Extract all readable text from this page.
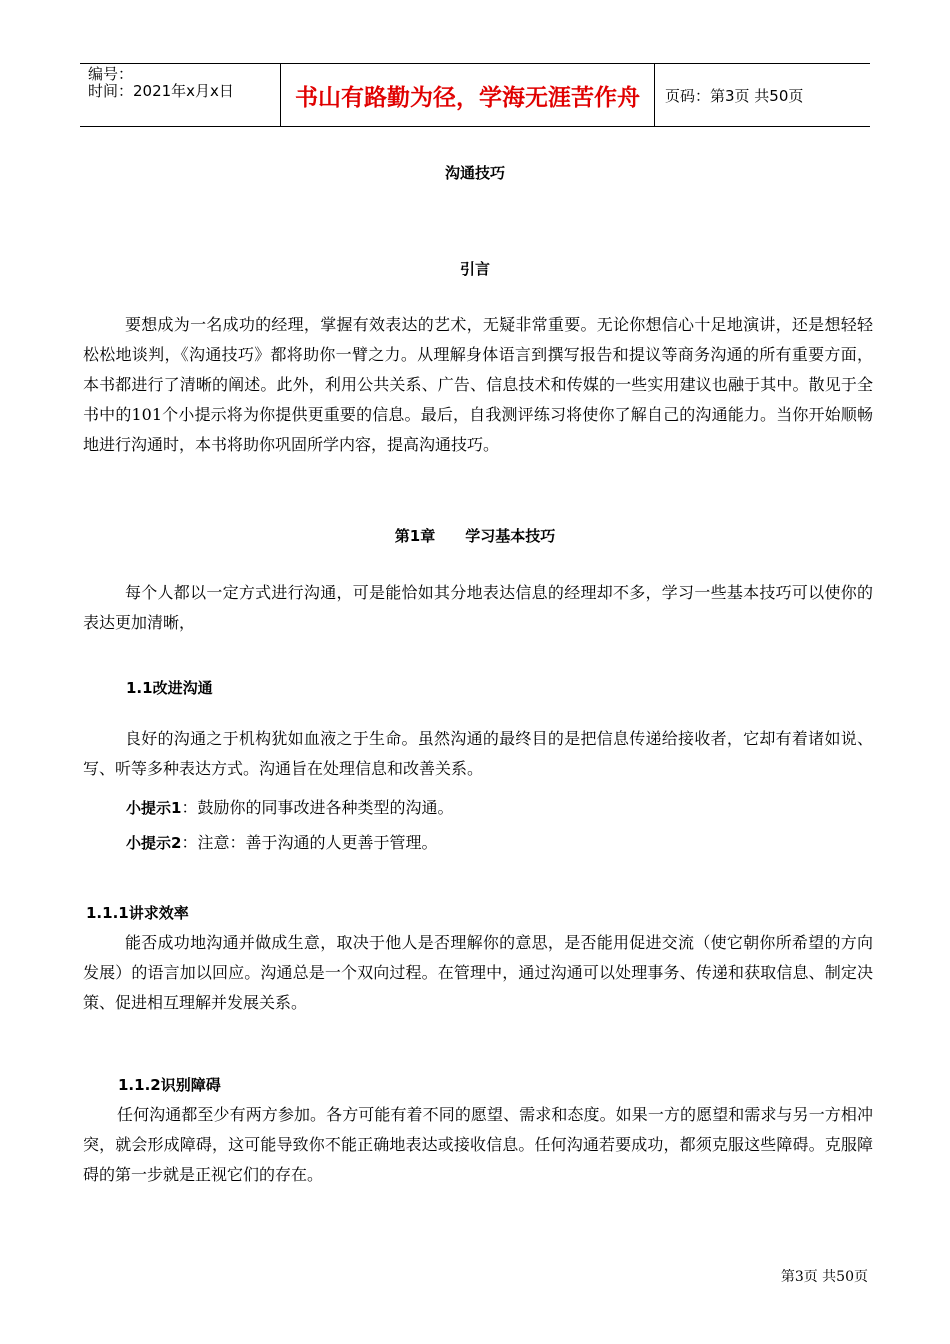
编号：
时间：2021年x月x日	书山有路勤为径，学海无涯苦作舟	页码：第3页 共50页
沟通技巧
引言
要想成为一名成功的经理，掌握有效表达的艺术，无疑非常重要。无论你想信心十足地演讲，还是想轻轻松松地谈判，《沟通技巧》都将助你一臂之力。从理解身体语言到撰写报告和提议等商务沟通的所有重要方面，本书都进行了清晰的阐述。此外，利用公共关系、广告、信息技术和传媒的一些实用建议也融于其中。散见于全书中的101个小提示将为你提供更重要的信息。最后，自我测评练习将使你了解自己的沟通能力。当你开始顺畅地进行沟通时，本书将助你巩固所学内容，提高沟通技巧。
第1章　　学习基本技巧
每个人都以一定方式进行沟通，可是能恰如其分地表达信息的经理却不多，学习一些基本技巧可以使你的表达更加清晰，
1.1改进沟通
良好的沟通之于机构犹如血液之于生命。虽然沟通的最终目的是把信息传递给接收者，它却有着诸如说、写、听等多种表达方式。沟通旨在处理信息和改善关系。
小提示1：鼓励你的同事改进各种类型的沟通。
小提示2：注意：善于沟通的人更善于管理。
1.1.1讲求效率
能否成功地沟通并做成生意，取决于他人是否理解你的意思，是否能用促进交流（使它朝你所希望的方向发展）的语言加以回应。沟通总是一个双向过程。在管理中，通过沟通可以处理事务、传递和获取信息、制定决策、促进相互理解并发展关系。
1.1.2识别障碍
任何沟通都至少有两方参加。各方可能有着不同的愿望、需求和态度。如果一方的愿望和需求与另一方相冲突，就会形成障碍，这可能导致你不能正确地表达或接收信息。任何沟通若要成功，都须克服这些障碍。克服障碍的第一步就是正视它们的存在。
第3页 共50页
